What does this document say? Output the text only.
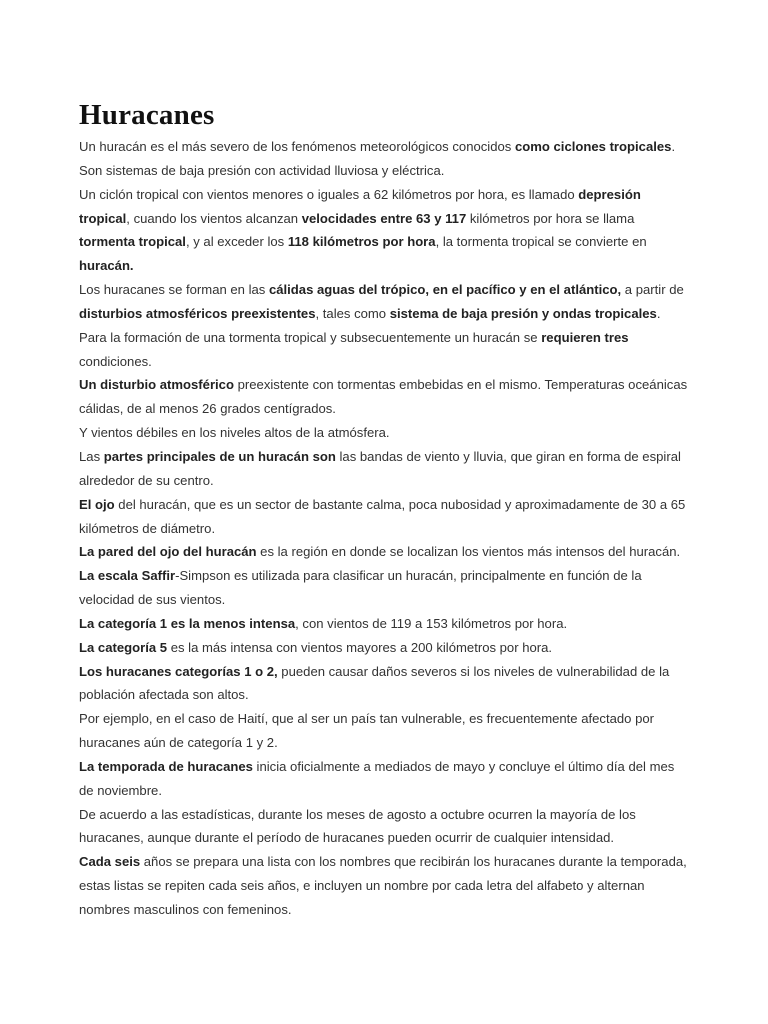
Huracanes

Un huracán es el más severo de los fenómenos meteorológicos conocidos como ciclones tropicales.

Son sistemas de baja presión con actividad lluviosa y eléctrica.

Un ciclón tropical con vientos menores o iguales a 62 kilómetros por hora, es llamado depresión tropical, cuando los vientos alcanzan velocidades entre 63 y 117 kilómetros por hora se llama tormenta tropical, y al exceder los 118 kilómetros por hora, la tormenta tropical se convierte en huracán.

Los huracanes se forman en las cálidas aguas del trópico, en el pacífico y en el atlántico, a partir de disturbios atmosféricos preexistentes, tales como sistema de baja presión y ondas tropicales.

Para la formación de una tormenta tropical y subsecuentemente un huracán se requieren tres condiciones.

Un disturbio atmosférico preexistente con tormentas embebidas en el mismo. Temperaturas oceánicas cálidas, de al menos 26 grados centígrados.

Y vientos débiles en los niveles altos de la atmósfera.

Las partes principales de un huracán son las bandas de viento y lluvia, que giran en forma de espiral alrededor de su centro.

El ojo del huracán, que es un sector de bastante calma, poca nubosidad y aproximadamente de 30 a 65 kilómetros de diámetro.

La pared del ojo del huracán es la región en donde se localizan los vientos más intensos del huracán.

La escala Saffir-Simpson es utilizada para clasificar un huracán, principalmente en función de la velocidad de sus vientos.

La categoría 1 es la menos intensa, con vientos de 119 a 153 kilómetros por hora.

La categoría 5 es la más intensa con vientos mayores a 200 kilómetros por hora.

Los huracanes categorías 1 o 2, pueden causar daños severos si los niveles de vulnerabilidad de la población afectada son altos.

Por ejemplo, en el caso de Haití, que al ser un país tan vulnerable, es frecuentemente afectado por huracanes aún de categoría 1 y 2.

La temporada de huracanes inicia oficialmente a mediados de mayo y concluye el último día del mes de noviembre.

De acuerdo a las estadísticas, durante los meses de agosto a octubre ocurren la mayoría de los huracanes, aunque durante el período de huracanes pueden ocurrir de cualquier intensidad.

Cada seis años se prepara una lista con los nombres que recibirán los huracanes durante la temporada, estas listas se repiten cada seis años, e incluyen un nombre por cada letra del alfabeto y alternan nombres masculinos con femeninos.
